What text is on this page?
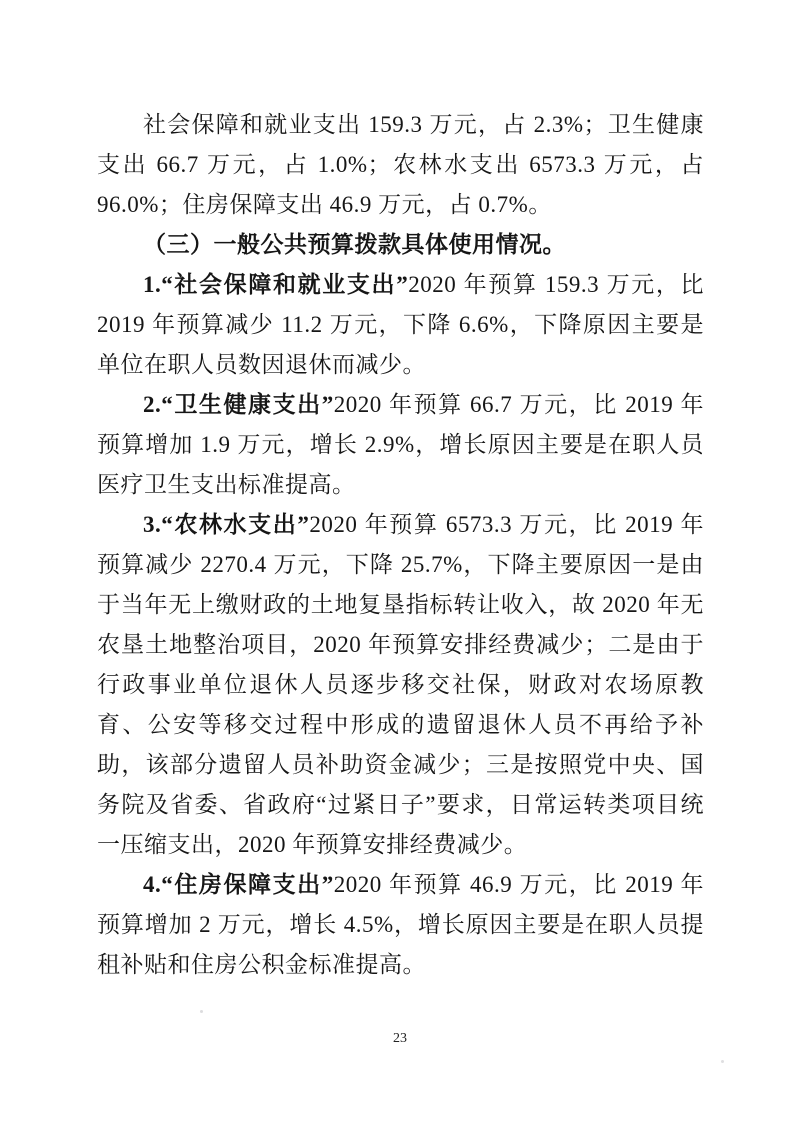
社会保障和就业支出 159.3 万元，占 2.3%；卫生健康支出 66.7 万元，占 1.0%；农林水支出 6573.3 万元，占 96.0%；住房保障支出 46.9 万元，占 0.7%。

（三）一般公共预算拨款具体使用情况。

1.“社会保障和就业支出”2020 年预算 159.3 万元，比 2019 年预算减少 11.2 万元，下降 6.6%，下降原因主要是单位在职人员数因退休而减少。

2.“卫生健康支出”2020 年预算 66.7 万元，比 2019 年预算增加 1.9 万元，增长 2.9%，增长原因主要是在职人员医疗卫生支出标准提高。

3.“农林水支出”2020 年预算 6573.3 万元，比 2019 年预算减少 2270.4 万元，下降 25.7%，下降主要原因一是由于当年无上缴财政的土地复垦指标转让收入，故 2020 年无农垦土地整治项目，2020 年预算安排经费减少；二是由于行政事业单位退休人员逐步移交社保，财政对农场原教育、公安等移交过程中形成的遗留退休人员不再给予补助，该部分遗留人员补助资金减少；三是按照党中央、国务院及省委、省政府“过紧日子”要求，日常运转类项目统一压缩支出，2020 年预算安排经费减少。

4.“住房保障支出”2020 年预算 46.9 万元，比 2019 年预算增加 2 万元，增长 4.5%，增长原因主要是在职人员提租补贴和住房公积金标准提高。

23
